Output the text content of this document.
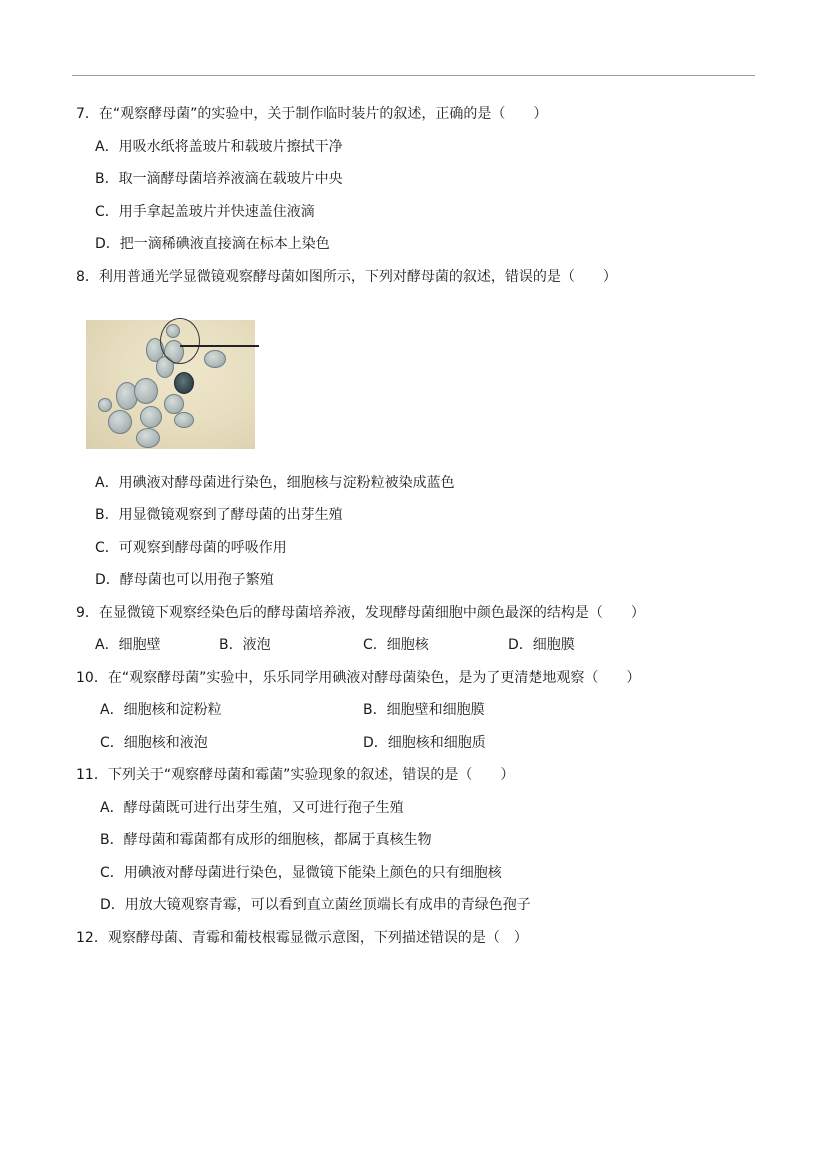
7．在“观察酵母菌”的实验中，关于制作临时装片的叙述，正确的是（　　）
A．用吸水纸将盖玻片和载玻片擦拭干净
B．取一滴酵母菌培养液滴在载玻片中央
C．用手拿起盖玻片并快速盖住液滴
D．把一滴稀碘液直接滴在标本上染色
8．利用普通光学显微镜观察酵母菌如图所示，下列对酵母菌的叙述，错误的是（　　）
A．用碘液对酵母菌进行染色，细胞核与淀粉粒被染成蓝色
B．用显微镜观察到了酵母菌的出芽生殖
C．可观察到酵母菌的呼吸作用
D．酵母菌也可以用孢子繁殖
9．在显微镜下观察经染色后的酵母菌培养液，发现酵母菌细胞中颜色最深的结构是（　　）
A．细胞壁	B．液泡	C．细胞核	D．细胞膜
10．在“观察酵母菌”实验中，乐乐同学用碘液对酵母菌染色，是为了更清楚地观察（　　）
A．细胞核和淀粉粒	B．细胞壁和细胞膜
C．细胞核和液泡	D．细胞核和细胞质
11．下列关于“观察酵母菌和霉菌”实验现象的叙述，错误的是（　　）
A．酵母菌既可进行出芽生殖，又可进行孢子生殖
B．酵母菌和霉菌都有成形的细胞核，都属于真核生物
C．用碘液对酵母菌进行染色，显微镜下能染上颜色的只有细胞核
D．用放大镜观察青霉，可以看到直立菌丝顶端长有成串的青绿色孢子
12．观察酵母菌、青霉和葡枝根霉显微示意图，下列描述错误的是（　）
